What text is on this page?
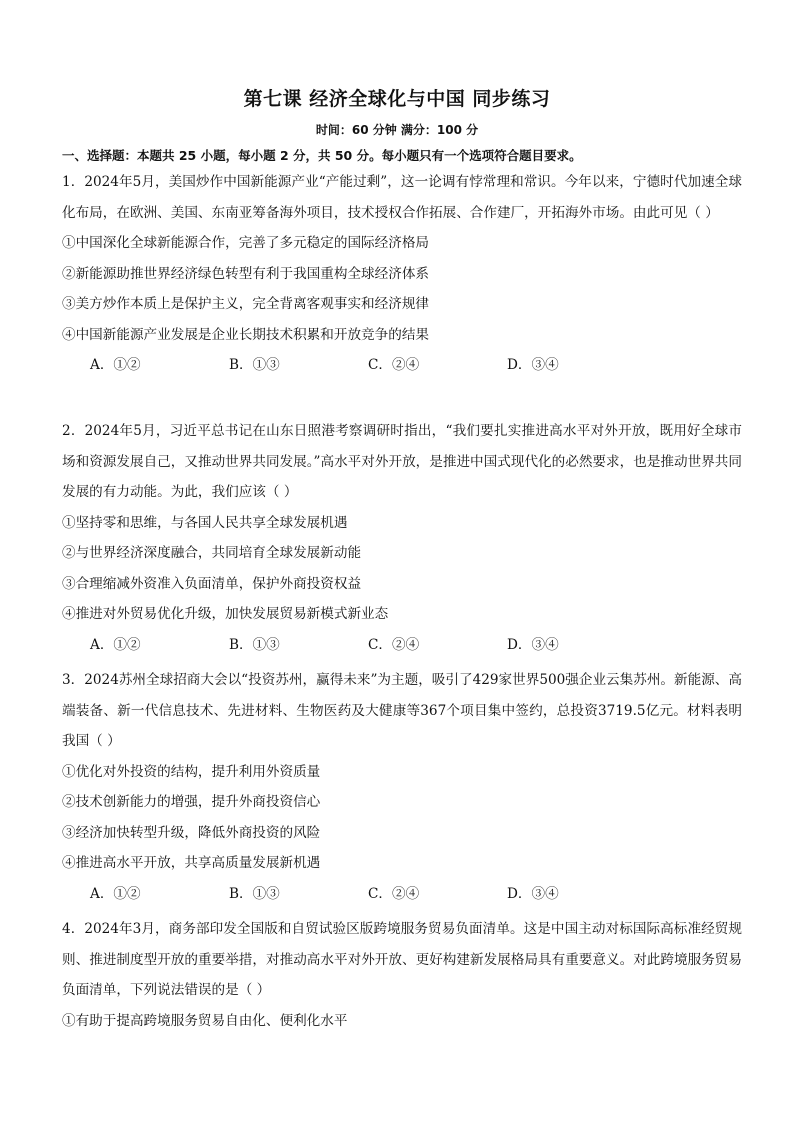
第七课 经济全球化与中国 同步练习
时间：60 分钟 满分：100 分
一、选择题：本题共 25 小题，每小题 2 分，共 50 分。每小题只有一个选项符合题目要求。

1．2024年5月，美国炒作中国新能源产业“产能过剩”，这一论调有悖常理和常识。今年以来，宁德时代加速全球化布局，在欧洲、美国、东南亚筹备海外项目，技术授权合作拓展、合作建厂，开拓海外市场。由此可见（ ）

①中国深化全球新能源合作，完善了多元稳定的国际经济格局

②新能源助推世界经济绿色转型有利于我国重构全球经济体系

③美方炒作本质上是保护主义，完全背离客观事实和经济规律

④中国新能源产业发展是企业长期技术积累和开放竞争的结果

A．①②	B．①③	C．②④	D．③④

2．2024年5月，习近平总书记在山东日照港考察调研时指出，“我们要扎实推进高水平对外开放，既用好全球市场和资源发展自己，又推动世界共同发展。”高水平对外开放，是推进中国式现代化的必然要求，也是推动世界共同发展的有力动能。为此，我们应该（ ）

①坚持零和思维，与各国人民共享全球发展机遇

②与世界经济深度融合，共同培育全球发展新动能

③合理缩减外资准入负面清单，保护外商投资权益

④推进对外贸易优化升级，加快发展贸易新模式新业态

A．①②	B．①③	C．②④	D．③④

3．2024苏州全球招商大会以“投资苏州，赢得未来”为主题，吸引了429家世界500强企业云集苏州。新能源、高端装备、新一代信息技术、先进材料、生物医药及大健康等367个项目集中签约，总投资3719.5亿元。材料表明我国（ ）

①优化对外投资的结构，提升利用外资质量

②技术创新能力的增强，提升外商投资信心

③经济加快转型升级，降低外商投资的风险

④推进高水平开放，共享高质量发展新机遇

A．①②	B．①③	C．②④	D．③④

4．2024年3月，商务部印发全国版和自贸试验区版跨境服务贸易负面清单。这是中国主动对标国际高标准经贸规则、推进制度型开放的重要举措，对推动高水平对外开放、更好构建新发展格局具有重要意义。对此跨境服务贸易负面清单，下列说法错误的是（ ）

①有助于提高跨境服务贸易自由化、便利化水平
